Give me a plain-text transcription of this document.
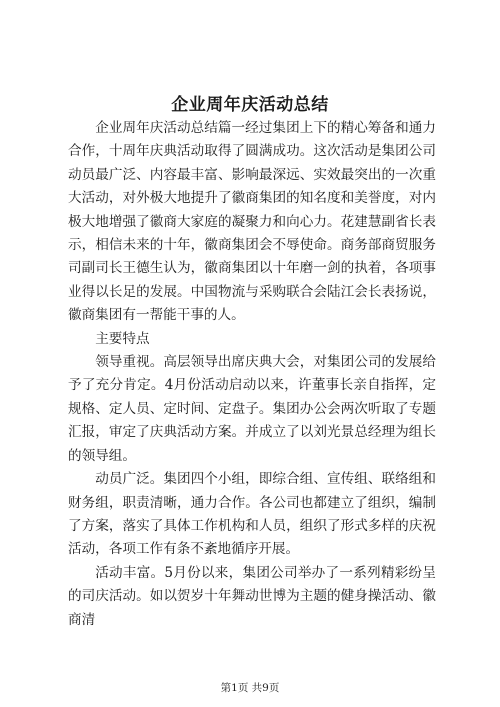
企业周年庆活动总结

企业周年庆活动总结篇一经过集团上下的精心筹备和通力合作，十周年庆典活动取得了圆满成功。这次活动是集团公司动员最广泛、内容最丰富、影响最深远、实效最突出的一次重大活动，对外极大地提升了徽商集团的知名度和美誉度，对内极大地增强了徽商大家庭的凝聚力和向心力。花建慧副省长表示，相信未来的十年，徽商集团会不辱使命。商务部商贸服务司副司长王德生认为，徽商集团以十年磨一剑的执着，各项事业得以长足的发展。中国物流与采购联合会陆江会长表扬说，徽商集团有一帮能干事的人。

主要特点

领导重视。高层领导出席庆典大会，对集团公司的发展给予了充分肯定。4月份活动启动以来，许董事长亲自指挥，定规格、定人员、定时间、定盘子。集团办公会两次听取了专题汇报，审定了庆典活动方案。并成立了以刘光景总经理为组长的领导组。

动员广泛。集团四个小组，即综合组、宣传组、联络组和财务组，职责清晰，通力合作。各公司也都建立了组织，编制了方案，落实了具体工作机构和人员，组织了形式多样的庆祝活动，各项工作有条不紊地循序开展。

活动丰富。5月份以来，集团公司举办了一系列精彩纷呈的司庆活动。如以贺岁十年舞动世博为主题的健身操活动、徽商清

第1页 共9页
